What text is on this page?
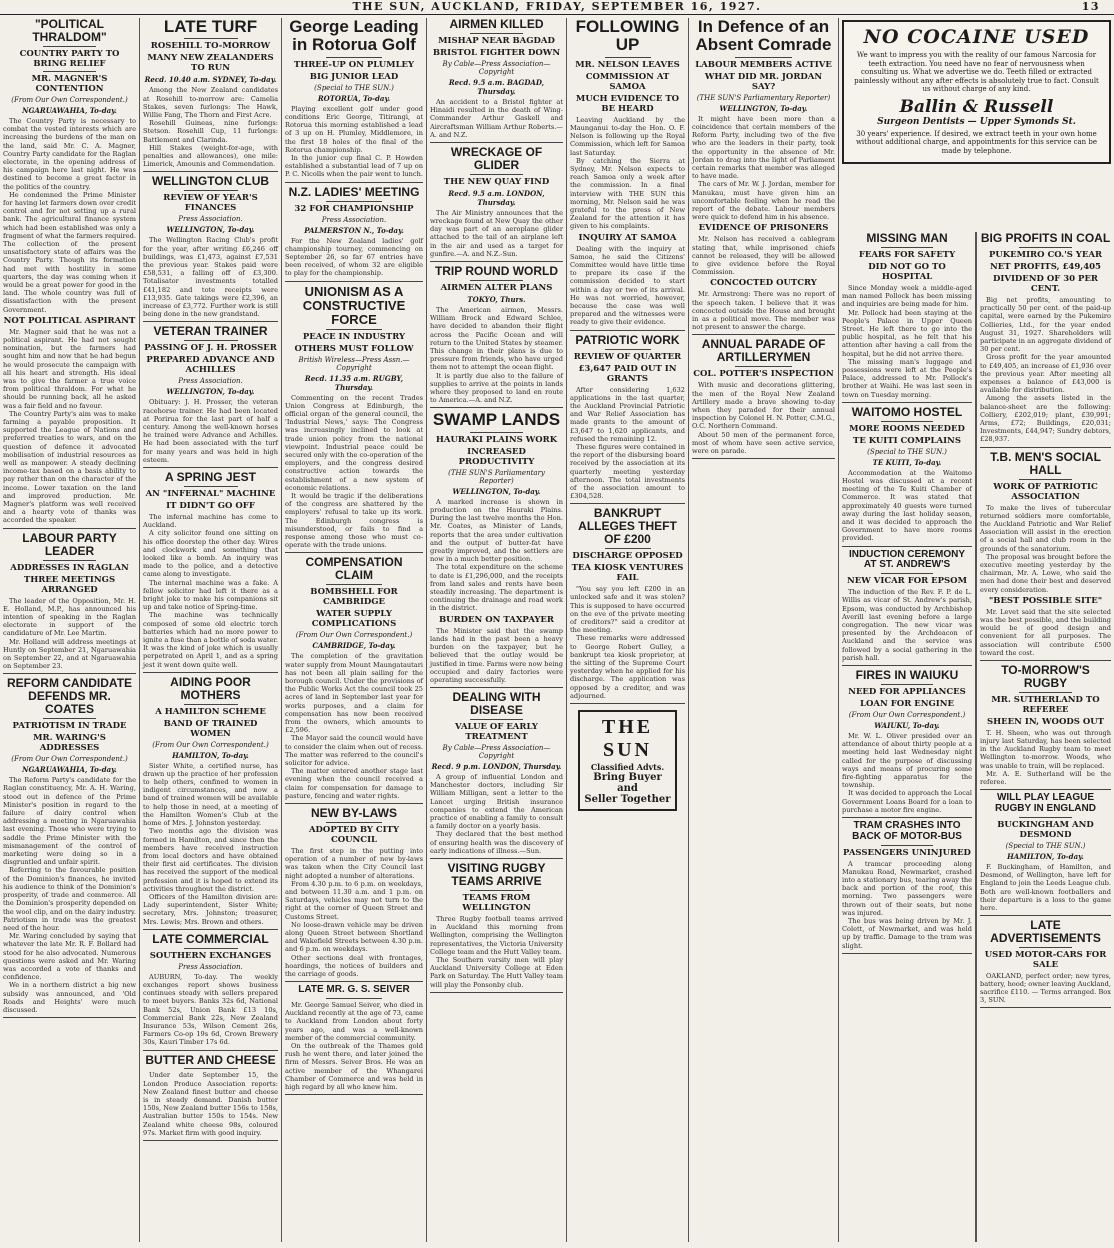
THE SUN, AUCKLAND, FRIDAY, SEPTEMBER 16, 1927.	13
"POLITICAL THRALDOM"
COUNTRY PARTY TO BRING RELIEF
MR. MAGNER'S CONTENTION
(From Our Own Correspondent.)
NGARUAWAHIA, To-day.

The Country Party is necessary to combat the vested interests which are increasing the burdens of the man on the land, said Mr. C. A. Magner, Country Party candidate for the Raglan electorate, in the opening address of his campaign here last night. He was destined to become a great factor in the politics of the country.

He condemned the Prime Minister for having let farmers down over credit control and for not setting up a rural bank. The agricultural finance system which had been established was only a fragment of what the farmers required. The collection of the present unsatisfactory state of affairs was the Country Party. Though its formation had met with hostility in some quarters, the day was coming when it would be a great power for good in the land. The whole country was full of dissatisfaction with the present Government.

NOT POLITICAL ASPIRANT

Mr. Magner said that he was not a political aspirant. He had not sought nomination, but the farmers had sought him and now that he had begun he would prosecute the campaign with all his heart and strength. His ideal was to give the farmer a true voice from political thraldom. For what he should be running back, all he asked was a fair field and no favour.

The Country Party's aim was to make farming a payable proposition. It supported the League of Nations and preferred treaties to wars, and on the question of defence it advocated mobilisation of industrial resources as well as manpower. A steady declining income-tax based on a basis ability to pay rather than on the character of the income. Lower taxation on the land and improved production. Mr. Magner's platform was well received and a hearty vote of thanks was accorded the speaker.

LABOUR PARTY LEADER
ADDRESSES IN RAGLAN
THREE MEETINGS ARRANGED

The leader of the Opposition, Mr. H. E. Holland, M.P., has announced his intention of speaking in the Raglan electorate in support of the candidature of Mr. Lee Martin.

Mr. Holland will address meetings at Huntly on September 21, Ngaruawahia on September 22, and at Ngaruawahia on September 23.

REFORM CANDIDATE DEFENDS MR. COATES
PATRIOTISM IN TRADE
MR. WARING'S ADDRESSES
(From Our Own Correspondent.)
NGARUAWAHIA, To-day.

The Reform Party's candidate for the Raglan constituency, Mr. A. H. Waring, stood out in defence of the Prime Minister's position in regard to the failure of dairy control when addressing a meeting in Ngaruawahia last evening. Those who were trying to saddle the Prime Minister with the mismanagement of the control of marketing were doing so in a disgruntled and unfair spirit.

Referring to the favourable position of the Dominion's finances, he invited his audience to think of the Dominion's prosperity, of trade and commerce. All the Dominion's prosperity depended on the wool clip, and on the dairy industry. Patriotism in trade was the greatest need of the hour.

Mr. Waring concluded by saying that whatever the late Mr. R. F. Bollard had stood for he also advocated. Numerous questions were asked and Mr. Waring was accorded a vote of thanks and confidence.

We in a northern district a big new subsidy was announced, and 'Old Roads and Heights' were much discussed.

LATE TURF
ROSEHILL TO-MORROW
MANY NEW ZEALANDERS TO RUN
Recd. 10.40 a.m. SYDNEY, To-day.

Among the New Zealand candidates at Rosehill to-morrow are: Camelia Stakes, seven furlongs: The Hawk, Willie Fang, The Thorn and First Acre.

Rosehill Guineas, nine furlongs: Stetson. Rosehill Cup, 11 furlongs: Battlement and Clarinda.

Hill Stakes (weight-for-age, with penalties and allowances), one mile: Limerick, Amounis and Commendation.

WELLINGTON CLUB
REVIEW OF YEAR'S FINANCES
Press Association.
WELLINGTON, To-day.

The Wellington Racing Club's profit for the year, after writing £6,246 off buildings, was £1,473, against £7,531 the previous year. Stakes paid were £58,531, a falling off of £3,300. Totalisator investments totalled £41,182 and tote receipts were £13,935. Gate takings were £2,396, an increase of £3,772. Further work is still being done in the new grandstand.

VETERAN TRAINER
PASSING OF J. H. PROSSER
PREPARED ADVANCE AND ACHILLES
Press Association.
WELLINGTON, To-day.

Obituary: J. H. Prosser, the veteran racehorse trainer. He had been located at Porirua for the last part of half a century. Among the well-known horses he trained were Advance and Achilles. He had been associated with the turf for many years and was held in high esteem.

A SPRING JEST
AN "INFERNAL" MACHINE
IT DIDN'T GO OFF

The infernal machine has come to Auckland.

A city solicitor found one sitting on his office doorstep the other day. Wires and clockwork and something that looked like a bomb. An inquiry was made to the police, and a detective came along to investigate.

The internal machine was a fake. A fellow solicitor had left it there as a bright joke to make his companions sit up and take notice of Spring-time.

The machine was technically composed of some old electric torch batteries which had no more power to ignite a fuse than a bottle of soda water. It was the kind of joke which is usually perpetrated on April 1, and as a spring jest it went down quite well.

AIDING POOR MOTHERS
A HAMILTON SCHEME
BAND OF TRAINED WOMEN
(From Our Own Correspondent.)
HAMILTON, To-day.

Sister White, a certified nurse, has drawn up the practice of her profession to help others, confined to women in indigent circumstances, and now a band of trained women will be available to help those in need, at a meeting of the Hamilton Women's Club at the home of Mrs. J. Johnston yesterday.

Two months ago the division was formed in Hamilton, and since then the members have received instruction from local doctors and have obtained their first aid certificates. The division has received the support of the medical profession and it is hoped to extend its activities throughout the district.

Officers of the Hamilton division are: Lady superintendent, Sister White; secretary, Mrs. Johnston; treasurer, Mrs. Lewis; Mrs. Brown and others.

LATE COMMERCIAL
SOUTHERN EXCHANGES
Press Association.

AUBURN, To-day. The weekly exchanges report shows business continues steady with sellers prepared to meet buyers. Banks 32s 6d, National Bank 52s, Union Bank £13 10s, Commercial Bank 22s, New Zealand Insurance 53s, Wilson Cement 26s, Farmers Co-op 19s 6d, Crown Brewery 30s, Kauri Timber 17s 6d.

BUTTER AND CHEESE

Under date September 15, the London Produce Association reports: New Zealand finest butter and cheese is in steady demand. Danish butter 150s, New Zealand butter 156s to 158s, Australian butter 150s to 154s. New Zealand white cheese 98s, coloured 97s. Market firm with good inquiry.

George Leading in Rotorua Golf
THREE-UP ON PLUMLEY
BIG JUNIOR LEAD
(Special to THE SUN.)
ROTORUA, To-day.

Playing excellent golf under good conditions Eric George, Titirangi, at Rotorua this morning established a lead of 3 up on H. Plumley, Middlemore, in the first 18 holes of the final of the Rotorua championship.

In the junior cup final C. P. Howden established a substantial lead of 7 up on P. C. Nicolls when the pair went to lunch.

N.Z. LADIES' MEETING
32 FOR CHAMPIONSHIP
Press Association.
PALMERSTON N., To-day.

For the New Zealand ladies' golf championship tourney, commencing on September 26, so far 67 entries have been received, of whom 32 are eligible to play for the championship.

UNIONISM AS A CONSTRUCTIVE FORCE
PEACE IN INDUSTRY
OTHERS MUST FOLLOW
British Wireless—Press Assn.—Copyright
Recd. 11.35 a.m. RUGBY, Thursday.

Commenting on the recent Trades Union Congress at Edinburgh, the official organ of the general council, the 'Industrial News,' says: The Congress was increasingly inclined to look at trade union policy from the national viewpoint. Industrial peace could be secured only with the co-operation of the employers, and the congress desired constructive action towards the establishment of a new system of economic relations.

It would be tragic if the deliberations of the congress are shattered by the employers' refusal to take up its work. The Edinburgh congress is misunderstood, or fails to find a response among those who must co-operate with the trade unions.

COMPENSATION CLAIM
BOMBSHELL FOR CAMBRIDGE
WATER SUPPLY COMPLICATIONS
(From Our Own Correspondent.)
CAMBRIDGE, To-day.

The completion of the gravitation water supply from Mount Maungatautari has not been all plain sailing for the borough council. Under the provisions of the Public Works Act the council took 25 acres of land in September last year for works purposes, and a claim for compensation has now been received from the owners, which amounts to £2,596.

The Mayor said the council would have to consider the claim when out of recess. The matter was referred to the council's solicitor for advice.

The matter entered another stage last evening when the council received a claim for compensation for damage to pasture, fencing and water rights.

NEW BY-LAWS
ADOPTED BY CITY COUNCIL

The first step in the putting into operation of a number of new by-laws was taken when the City Council last night adopted a number of alterations.

From 4.30 p.m. to 6 p.m. on weekdays, and between 11.30 a.m. and 1 p.m. on Saturdays, vehicles may not turn to the right at the corner of Queen Street and Customs Street.

No loose-drawn vehicle may be driven along Queen Street between Shortland and Wakefield Streets between 4.30 p.m. and 6 p.m. on weekdays.

Other sections deal with frontages, hoardings, the notices of builders and the carriage of goods.

LATE MR. G. S. SEIVER

Mr. George Samuel Seiver, who died in Auckland recently at the age of 73, came to Auckland from London about forty years ago, and was a well-known member of the commercial community.

On the outbreak of the Thames gold rush he went there, and later joined the firm of Messrs. Seiver Bros. He was an active member of the Whangarei Chamber of Commerce and was held in high regard by all who knew him.

AIRMEN KILLED
MISHAP NEAR BAGDAD
BRISTOL FIGHTER DOWN
By Cable—Press Association—Copyright
Recd. 9.5 a.m. BAGDAD, Thursday.

An accident to a Bristol fighter at Hinaidi resulted in the death of Wing-Commander Arthur Gaskell and Aircraftsman William Arthur Roberts.—A. and N.Z.

WRECKAGE OF GLIDER
THE NEW QUAY FIND
Recd. 9.5 a.m. LONDON, Thursday.

The Air Ministry announces that the wreckage found at New Quay the other day was part of an aeroplane glider attached to the tail of an airplane left in the air and used as a target for gunfire.—A. and N.Z.-Sun.

TRIP ROUND WORLD
AIRMEN ALTER PLANS
TOKYO, Thurs.

The American airmen, Messrs. William Brock and Edward Schlee, have decided to abandon their flight across the Pacific Ocean and will return to the United States by steamer. This change in their plans is due to pressure from friends, who have urged them not to attempt the ocean flight.

It is partly due also to the failure of supplies to arrive at the points in lands where they proposed to land en route to America.—A. and N.Z.

SWAMP LANDS
HAURAKI PLAINS WORK
INCREASED PRODUCTIVITY
(THE SUN'S Parliamentary Reporter)
WELLINGTON, To-day.

A marked increase is shown in production on the Hauraki Plains. During the last twelve months the Hon. Mr. Coates, as Minister of Lands, reports that the area under cultivation and the output of butter-fat have greatly improved, and the settlers are now in a much better position.

The total expenditure on the scheme to date is £1,296,000, and the receipts from land sales and rents have been steadily increasing. The department is continuing the drainage and road work in the district.

BURDEN ON TAXPAYER

The Minister said that the swamp lands had in the past been a heavy burden on the taxpayer, but he believed that the outlay would be justified in time. Farms were now being occupied and dairy factories were operating successfully.

DEALING WITH DISEASE
VALUE OF EARLY TREATMENT
By Cable—Press Association—Copyright
Recd. 9 p.m. LONDON, Thursday.

A group of influential London and Manchester doctors, including Sir William Milligan, sent a letter to the Lancet urging British insurance companies to extend the American practice of enabling a family to consult a family doctor on a yearly basis.

They declared that the best method of ensuring health was the discovery of early indications of illness.—Sun.

VISITING RUGBY TEAMS ARRIVE
TEAMS FROM WELLINGTON

Three Rugby football teams arrived in Auckland this morning from Wellington, comprising the Wellington representatives, the Victoria University College team and the Hutt Valley team.

The Southern varsity men will play Auckland University College at Eden Park on Saturday. The Hutt Valley team will play the Ponsonby club.

FOLLOWING UP
MR. NELSON LEAVES
COMMISSION AT SAMOA
MUCH EVIDENCE TO BE HEARD

Leaving Auckland by the Maunganui to-day the Hon. O. F. Nelson is following up the Royal Commission, which left for Samoa last Saturday.

By catching the Sierra at Sydney, Mr. Nelson expects to reach Samoa only a week after the commission. In a final interview with THE SUN this morning, Mr. Nelson said he was grateful to the press of New Zealand for the attention it has given to his complaints.

INQUIRY AT SAMOA

Dealing with the inquiry at Samoa, he said the Citizens' Committee would have little time to prepare its case if the commission decided to start within a day or two of its arrival. He was not worried, however, because the case was well prepared and the witnesses were ready to give their evidence.

PATRIOTIC WORK
REVIEW OF QUARTER
£3,647 PAID OUT IN GRANTS

After considering 1,632 applications in the last quarter, the Auckland Provincial Patriotic and War Relief Association has made grants to the amount of £3,647 to 1,620 applicants, and refused the remaining 12.

These figures were contained in the report of the disbursing board received by the association at its quarterly meeting yesterday afternoon. The total investments of the association amount to £304,528.

BANKRUPT ALLEGES THEFT OF £200
DISCHARGE OPPOSED
TEA KIOSK VENTURES FAIL

"You say you left £200 in an unlocked safe and it was stolen? This is supposed to have occurred on the eve of the private meeting of creditors?" said a creditor at the meeting.

These remarks were addressed to George Robert Gulley, a bankrupt tea kiosk proprietor, at the sitting of the Supreme Court yesterday when he applied for his discharge. The application was opposed by a creditor, and was adjourned.

THE SUN
Classified Advts.
Bring Buyer and
Seller Together
In Defence of an Absent Comrade
LABOUR MEMBERS ACTIVE
WHAT DID MR. JORDAN SAY?
(THE SUN'S Parliamentary Reporter)
WELLINGTON, To-day.

It might have been more than a coincidence that certain members of the Reform Party, including two of the five who are the leaders in their party, took the opportunity in the absence of Mr. Jordan to drag into the light of Parliament certain remarks that member was alleged to have made.

The cars of Mr. W. J. Jordan, member for Manukau, must have given him an uncomfortable feeling when he read the report of the debate. Labour members were quick to defend him in his absence.

EVIDENCE OF PRISONERS

Mr. Nelson has received a cablegram stating that, while imprisoned chiefs cannot be released, they will be allowed to give evidence before the Royal Commission.

CONCOCTED OUTCRY

Mr. Armstrong: There was no report of the speech taken. I believe that it was concocted outside the House and brought in as a political move. The member was not present to answer the charge.

ANNUAL PARADE OF ARTILLERYMEN
COL. POTTER'S INSPECTION

With music and decorations glittering, the men of the Royal New Zealand Artillery made a brave showing to-day when they paraded for their annual inspection by Colonel H. N. Potter, C.M.G., O.C. Northern Command.

About 50 men of the permanent force, most of whom have seen active service, were on parade.

NO COCAINE USED
We want to impress you with the reality of our famous Narcosia for teeth extraction. You need have no fear of nervousness when consulting us. What we advertise we do. Teeth filled or extracted painlessly without any after effects is absolutely true to fact. Consult us without charge of any kind.
Ballin & Russell
Surgeon Dentists — Upper Symonds St.
30 years' experience. If desired, we extract teeth in your own home without additional charge, and appointments for this service can be made by telephone.
MISSING MAN
FEARS FOR SAFETY
DID NOT GO TO HOSPITAL

Since Monday week a middle-aged man named Pollock has been missing and inquiries are being made for him.

Mr. Pollock had been staying at the People's Palace in Upper Queen Street. He left there to go into the public hospital, as he felt that his attention after having a call from the hospital, but he did not arrive there.

The missing man's luggage and possessions were left at the People's Palace, addressed to Mr. Pollock's brother at Waihi. He was last seen in town on Tuesday morning.

WAITOMO HOSTEL
MORE ROOMS NEEDED
TE KUITI COMPLAINS
(Special to THE SUN.)
TE KUITI, To-day.

Accommodation at the Waitomo Hostel was discussed at a recent meeting of the Te Kuiti Chamber of Commerce. It was stated that approximately 40 guests were turned away during the last holiday season, and it was decided to approach the Government to have more rooms provided.

INDUCTION CEREMONY AT ST. ANDREW'S
NEW VICAR FOR EPSOM

The induction of the Rev. F. P. de L. Willis as vicar of St. Andrew's parish, Epsom, was conducted by Archbishop Averill last evening before a large congregation. The new vicar was presented by the Archdeacon of Auckland and the service was followed by a social gathering in the parish hall.

FIRES IN WAIUKU
NEED FOR APPLIANCES
LOAN FOR ENGINE
(From Our Own Correspondent.)
WAIUKU, To-day.

Mr. W. L. Oliver presided over an attendance of about thirty people at a meeting held last Wednesday night called for the purpose of discussing ways and means of procuring some fire-fighting apparatus for the township.

It was decided to approach the Local Government Loans Board for a loan to purchase a motor fire engine.

TRAM CRASHES INTO BACK OF MOTOR-BUS
PASSENGERS UNINJURED

A tramcar proceeding along Manukau Road, Newmarket, crashed into a stationary bus, tearing away the back and portion of the roof, this morning. Two passengers were thrown out of their seats, but none was injured.

The bus was being driven by Mr. J. Colett, of Newmarket, and was held up by traffic. Damage to the tram was slight.

BIG PROFITS IN COAL
PUKEMIRO CO.'S YEAR
NET PROFITS, £49,405
DIVIDEND OF 30 PER CENT.

Big net profits, amounting to practically 50 per cent. of the paid-up capital, were earned by the Pukemiro Collieries, Ltd., for the year ended August 31, 1927. Shareholders will participate in an aggregate dividend of 30 per cent.

Gross profit for the year amounted to £49,405, an increase of £1,936 over the previous year. After meeting all expenses a balance of £43,000 is available for distribution.

Among the assets listed in the balance-sheet are the following: Colliery, £202,019; plant, £39,991; Arms, £72; Buildings, £20,031; Investments, £44,947; Sundry debtors, £28,937.

T.B. MEN'S SOCIAL HALL
WORK OF PATRIOTIC ASSOCIATION

To make the lives of tubercular returned soldiers more comfortable, the Auckland Patriotic and War Relief Association will assist in the erection of a social hall and club room in the grounds of the sanatorium.

The proposal was brought before the executive meeting yesterday by the chairman, Mr. A. Lowe, who said the men had done their best and deserved every consideration.

"BEST POSSIBLE SITE"

Mr. Levet said that the site selected was the best possible, and the building would be of good design and convenient for all purposes. The association will contribute £500 toward the cost.

TO-MORROW'S RUGBY
MR. SUTHERLAND TO REFEREE
SHEEN IN, WOODS OUT

T. H. Sheen, who was out through injury last Saturday, has been selected in the Auckland Rugby team to meet Wellington to-morrow. Woods, who was unable to train, will be replaced.

Mr. A. E. Sutherland will be the referee.

WILL PLAY LEAGUE RUGBY IN ENGLAND
BUCKINGHAM AND DESMOND
(Special to THE SUN.)
HAMILTON, To-day.

F. Buckingham, of Hamilton, and Desmond, of Wellington, have left for England to join the Leeds League club. Both are well-known footballers and their departure is a loss to the game here.

LATE ADVERTISEMENTS
USED MOTOR-CARS FOR SALE

OAKLAND, perfect order; new tyres, battery, hood; owner leaving Auckland, sacrifice £110. — Terms arranged. Box 3, SUN.
